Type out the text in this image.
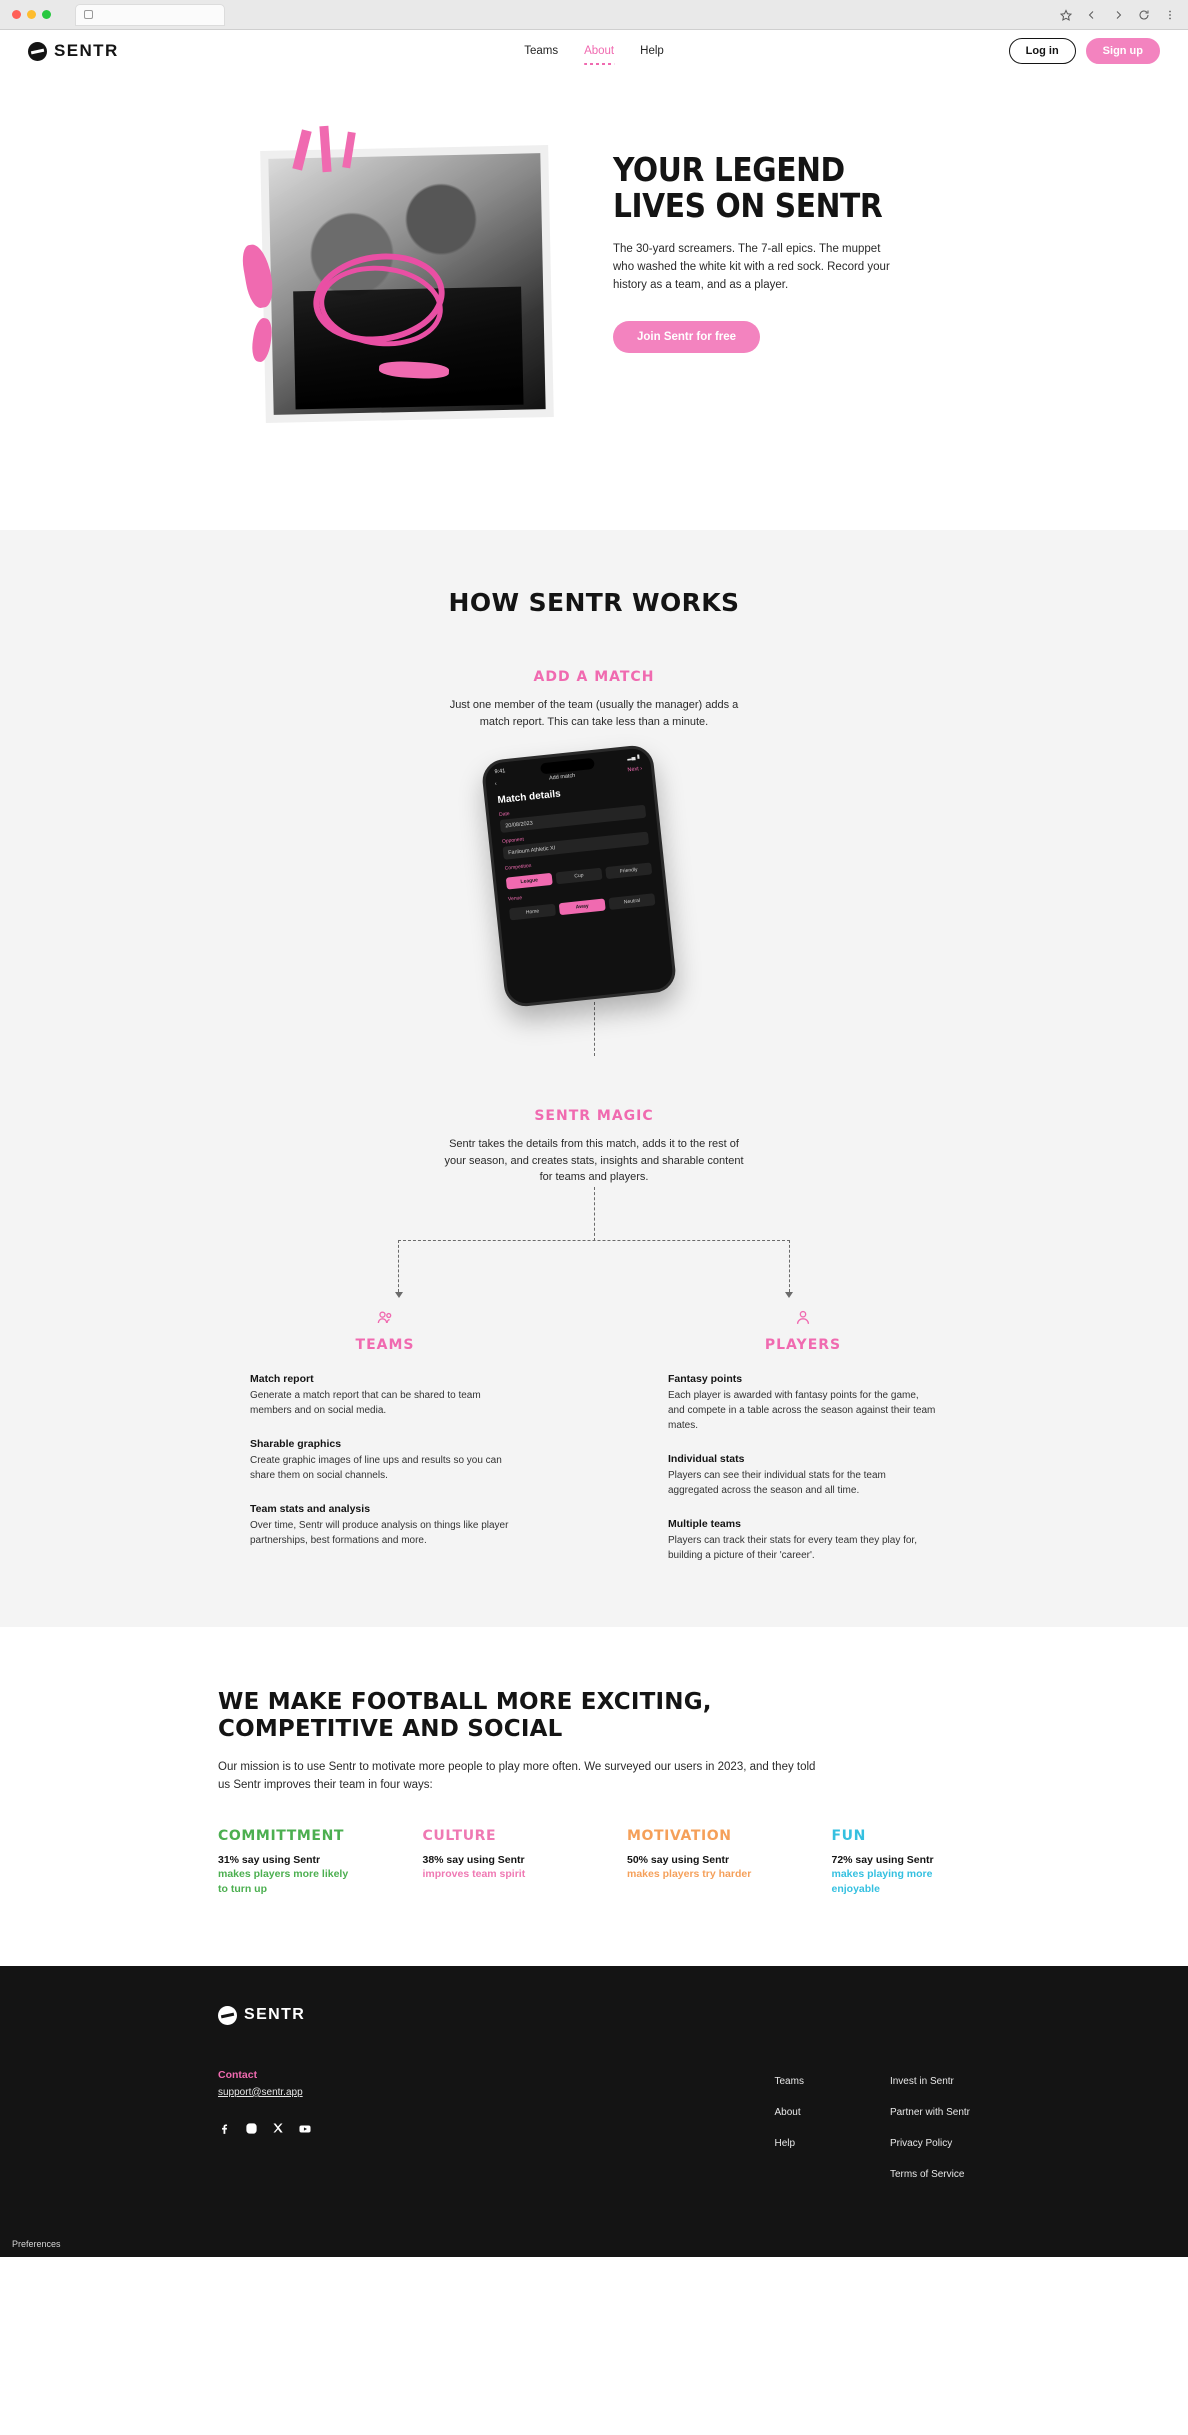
SENTR	Teams About Help	Log in	Sign up
YOUR LEGEND
LIVES ON SENTR

The 30-yard screamers. The 7-all epics. The muppet who washed the white kit with a red sock. Record your history as a team, and as a player.

Join Sentr for free
HOW SENTR WORKS
ADD A MATCH

Just one member of the team (usually the manager) adds a match report. This can take less than a minute.

9:41
▂▄ ▮
‹
Add match
Next ›
Match details
Date
20/08/2023
Opponent
Fanloum Athletic XI
Competition
League
Cup
Friendly
Venue
Home
Away
Neutral
SENTR MAGIC

Sentr takes the details from this match, adds it to the rest of your season, and creates stats, insights and sharable content for teams and players.

TEAMS
Match report

Generate a match report that can be shared to team members and on social media.

Sharable graphics

Create graphic images of line ups and results so you can share them on social channels.

Team stats and analysis

Over time, Sentr will produce analysis on things like player partnerships, best formations and more.

PLAYERS
Fantasy points

Each player is awarded with fantasy points for the game, and compete in a table across the season against their team mates.

Individual stats

Players can see their individual stats for the team aggregated across the season and all time.

Multiple teams

Players can track their stats for every team they play for, building a picture of their 'career'.

WE MAKE FOOTBALL MORE EXCITING,
COMPETITIVE AND SOCIAL

Our mission is to use Sentr to motivate more people to play more often. We surveyed our users in 2023, and they told us Sentr improves their team in four ways:

COMMITTMENT
31% say using Sentr
makes players more likely to turn up
CULTURE
38% say using Sentr
improves team spirit
MOTIVATION
50% say using Sentr
makes players try harder
FUN
72% say using Sentr
makes playing more enjoyable
SENTR
Contact
support@sentr.app
Teams
About
Help
Invest in Sentr
Partner with Sentr
Privacy Policy
Terms of Service
Preferences
